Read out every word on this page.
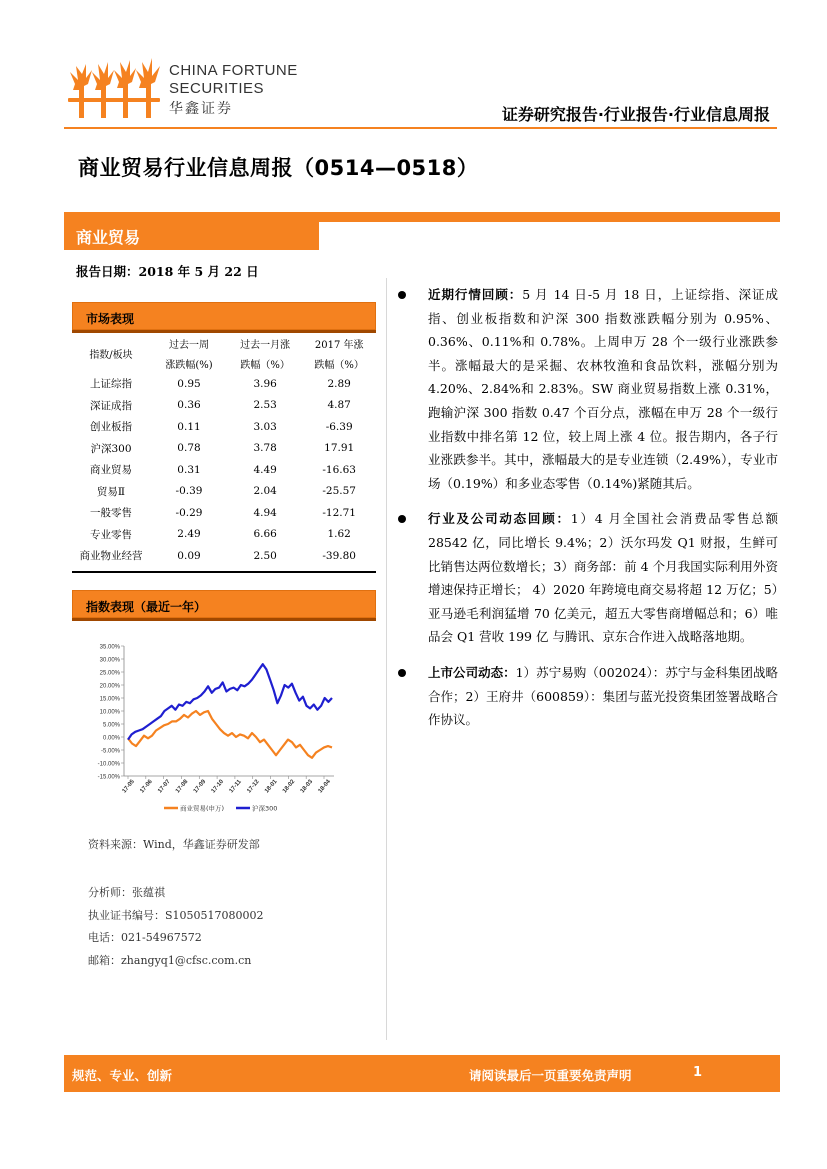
CHINA FORTUNE
SECURITIES
华鑫证券	证券研究报告·行业报告·行业信息周报
商业贸易行业信息周报（0514—0518）
商业贸易
报告日期：2018 年 5 月 22 日
市场表现
指数/板块	过去一周	过去一月涨	2017 年涨
	涨跌幅(%)	跌幅（%）	跌幅（%）
上证综指	0.95	3.96	2.89
深证成指	0.36	2.53	4.87
创业板指	0.11	3.03	-6.39
沪深300	0.78	3.78	17.91
商业贸易	0.31	4.49	-16.63
贸易Ⅱ	-0.39	2.04	-25.57
一般零售	-0.29	4.94	-12.71
专业零售	2.49	6.66	1.62
商业物业经营	0.09	2.50	-39.80
指数表现（最近一年）
35.00%
30.00%
25.00%
20.00%
15.00%
10.00%
5.00%
0.00%
-5.00%
-10.00%
-15.00%
17-05 17-06 17-07 17-08 17-09 17-10 17-11 17-12 18-01 18-02 18-03 18-04
商业贸易(申万)	沪深300
资料来源：Wind，华鑫证券研发部
分析师：张蕴祺
执业证书编号：S1050517080002
电话：021-54967572
邮箱：zhangyq1@cfsc.com.cn
近期行情回顾：5 月 14 日-5 月 18 日，上证综指、深证成指、创业板指数和沪深 300 指数涨跌幅分别为 0.95%、0.36%、0.11%和 0.78%。上周申万 28 个一级行业涨跌参半。涨幅最大的是采掘、农林牧渔和食品饮料，涨幅分别为 4.20%、2.84%和 2.83%。SW 商业贸易指数上涨 0.31%，跑输沪深 300 指数 0.47 个百分点，涨幅在申万 28 个一级行业指数中排名第 12 位，较上周上涨 4 位。报告期内，各子行业涨跌参半。其中，涨幅最大的是专业连锁（2.49%），专业市场（0.19%）和多业态零售（0.14%)紧随其后。
行业及公司动态回顾：1）4 月全国社会消费品零售总额 28542 亿，同比增长 9.4%；2）沃尔玛发 Q1 财报，生鲜可比销售达两位数增长；3）商务部：前 4 个月我国实际利用外资增速保持正增长； 4）2020 年跨境电商交易将超 12 万亿；5）亚马逊毛利润猛增 70 亿美元，超五大零售商增幅总和；6）唯品会 Q1 营收 199 亿 与腾讯、京东合作进入战略落地期。
上市公司动态：1）苏宁易购（002024）：苏宁与金科集团战略合作；2）王府井（600859）：集团与蓝光投资集团签署战略合作协议。
规范、专业、创新	请阅读最后一页重要免责声明	1
